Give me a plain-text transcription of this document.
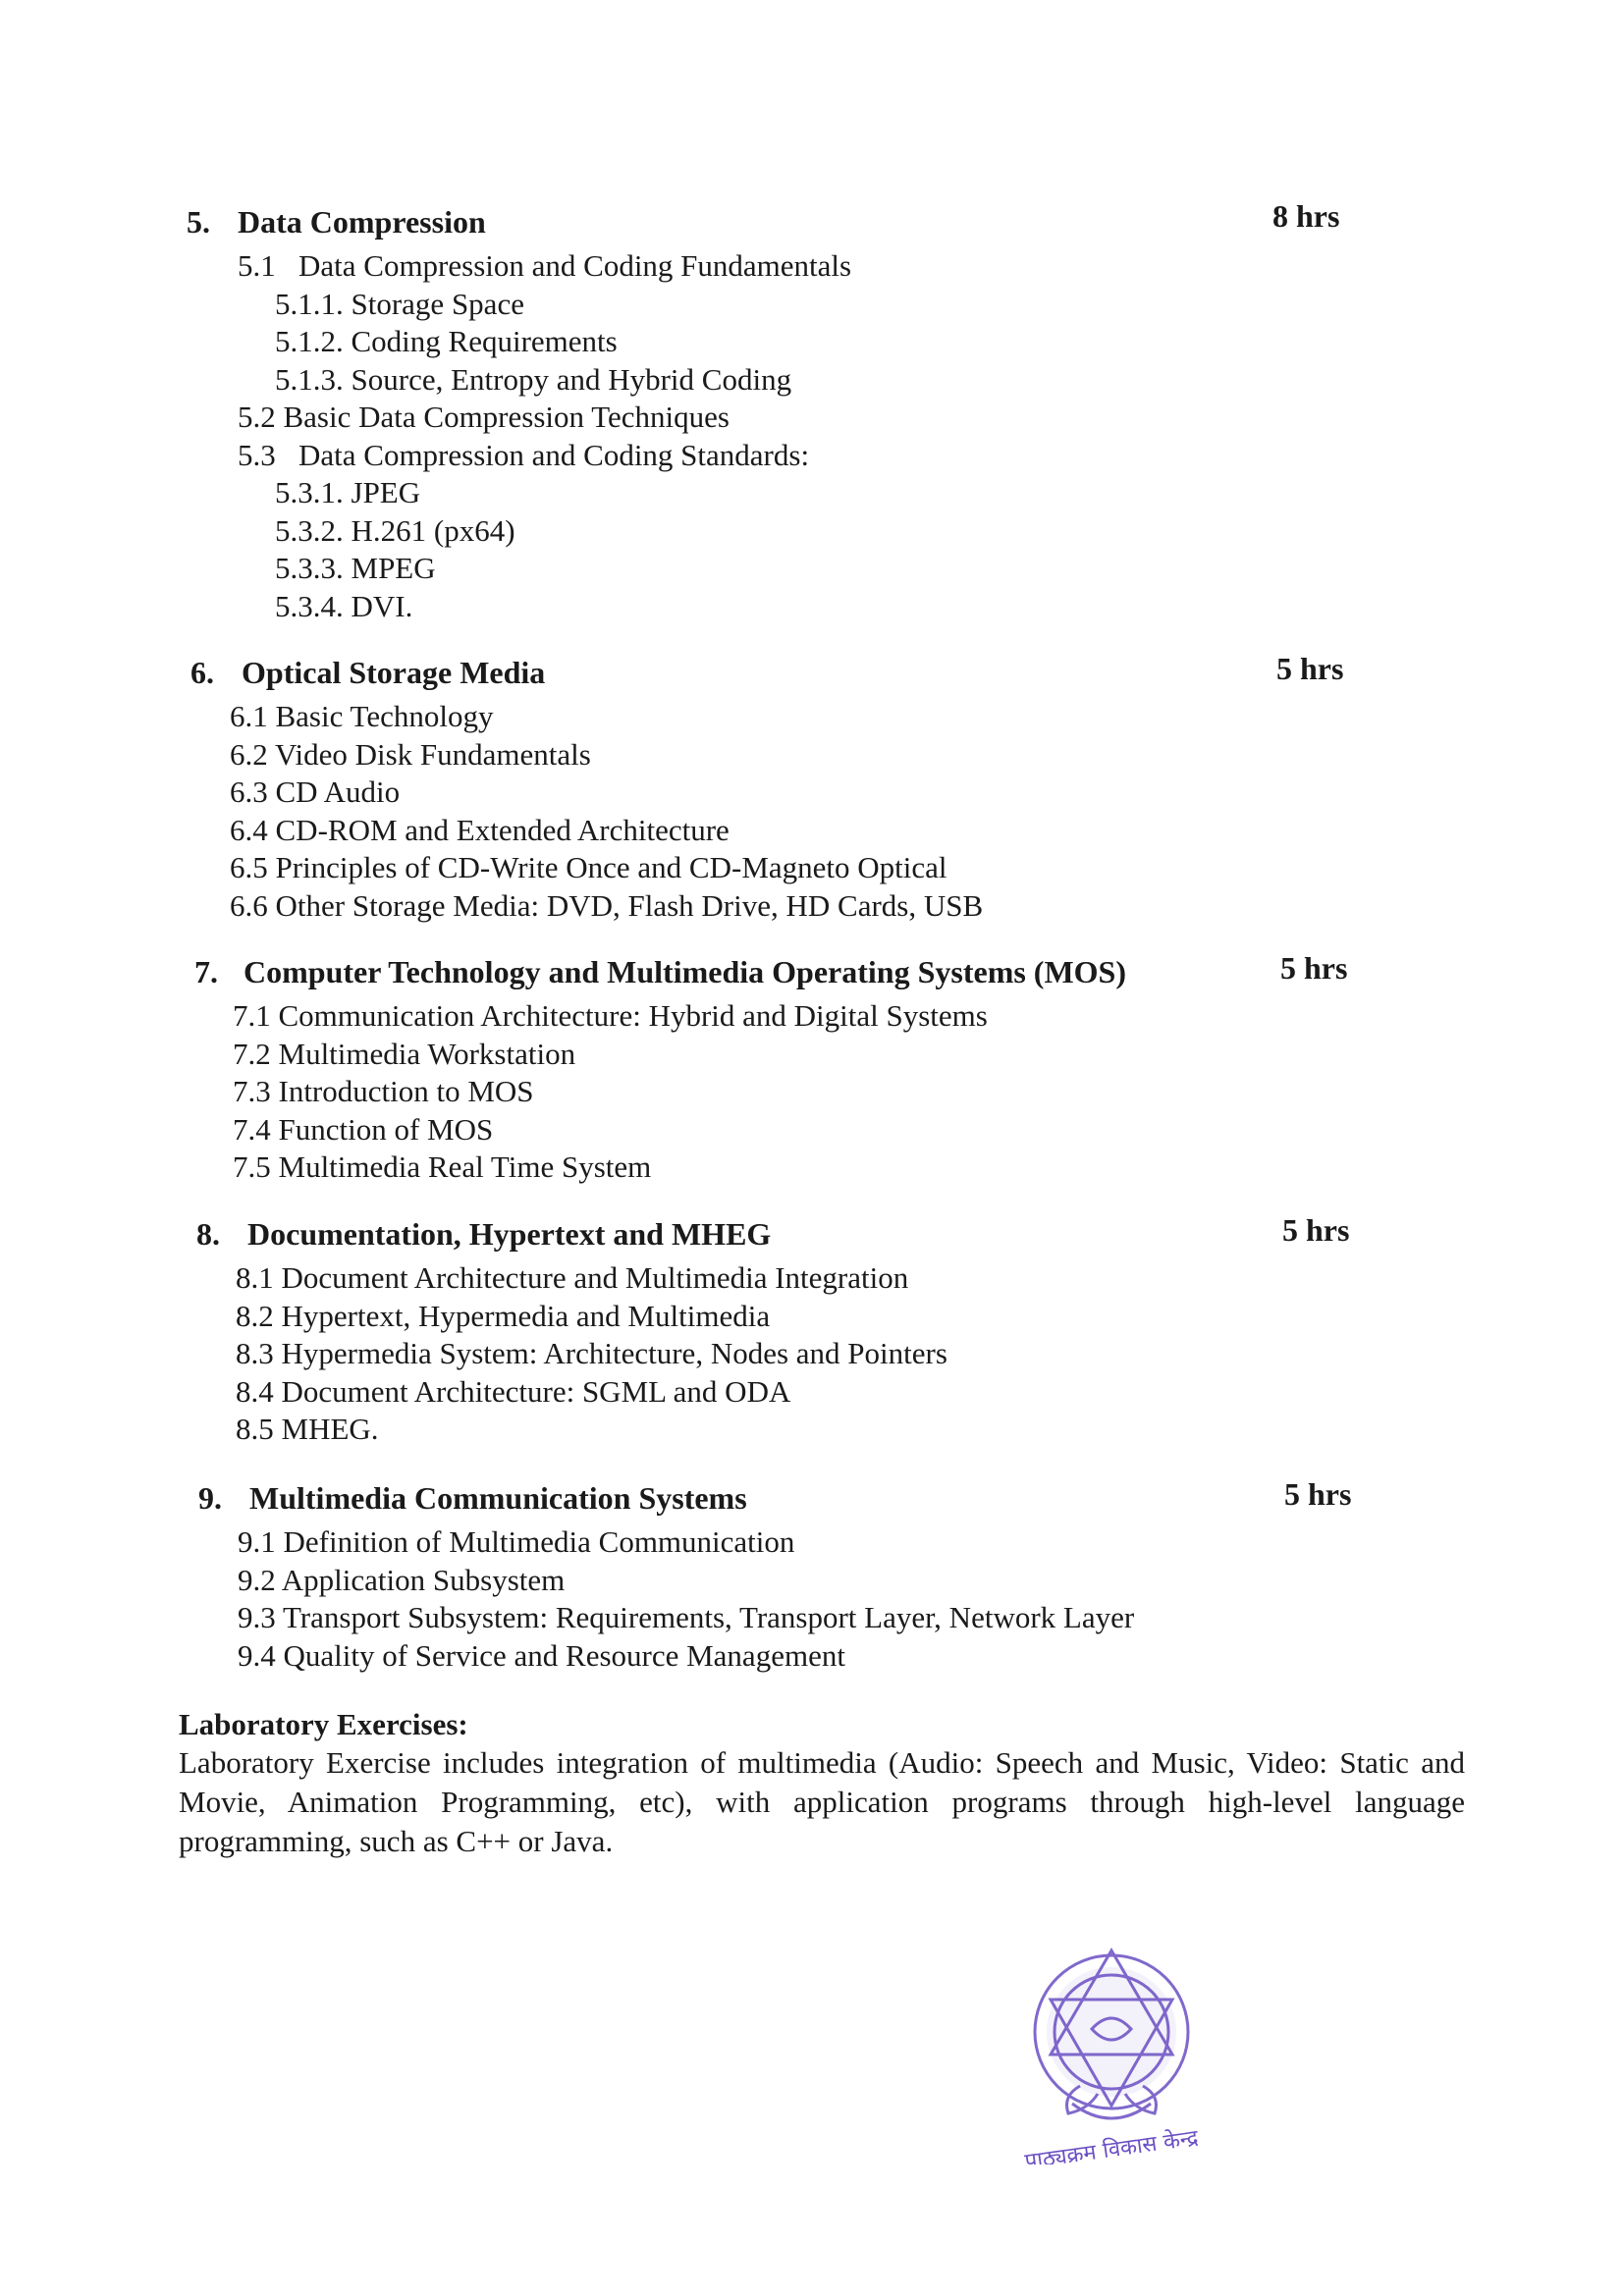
5. Data Compression	8 hrs
5.1 Data Compression and Coding Fundamentals
5.1.1. Storage Space
5.1.2. Coding Requirements
5.1.3. Source, Entropy and Hybrid Coding
5.2 Basic Data Compression Techniques
5.3 Data Compression and Coding Standards:
5.3.1. JPEG
5.3.2. H.261 (px64)
5.3.3. MPEG
5.3.4. DVI.
6. Optical Storage Media	5 hrs
6.1 Basic Technology
6.2 Video Disk Fundamentals
6.3 CD Audio
6.4 CD-ROM and Extended Architecture
6.5 Principles of CD-Write Once and CD-Magneto Optical
6.6 Other Storage Media: DVD, Flash Drive, HD Cards, USB
7. Computer Technology and Multimedia Operating Systems (MOS)	5 hrs
7.1 Communication Architecture: Hybrid and Digital Systems
7.2 Multimedia Workstation
7.3 Introduction to MOS
7.4 Function of MOS
7.5 Multimedia Real Time System
8. Documentation, Hypertext and MHEG	5 hrs
8.1 Document Architecture and Multimedia Integration
8.2 Hypertext, Hypermedia and Multimedia
8.3 Hypermedia System: Architecture, Nodes and Pointers
8.4 Document Architecture: SGML and ODA
8.5 MHEG.
9. Multimedia Communication Systems	5 hrs
9.1 Definition of Multimedia Communication
9.2 Application Subsystem
9.3 Transport Subsystem: Requirements, Transport Layer, Network Layer
9.4 Quality of Service and Resource Management
Laboratory Exercises:
Laboratory Exercise includes integration of multimedia (Audio: Speech and Music, Video: Static and Movie, Animation Programming, etc), with application programs through high-level language programming, such as C++ or Java.
पाठ्यक्रम विकास केन्द्र
